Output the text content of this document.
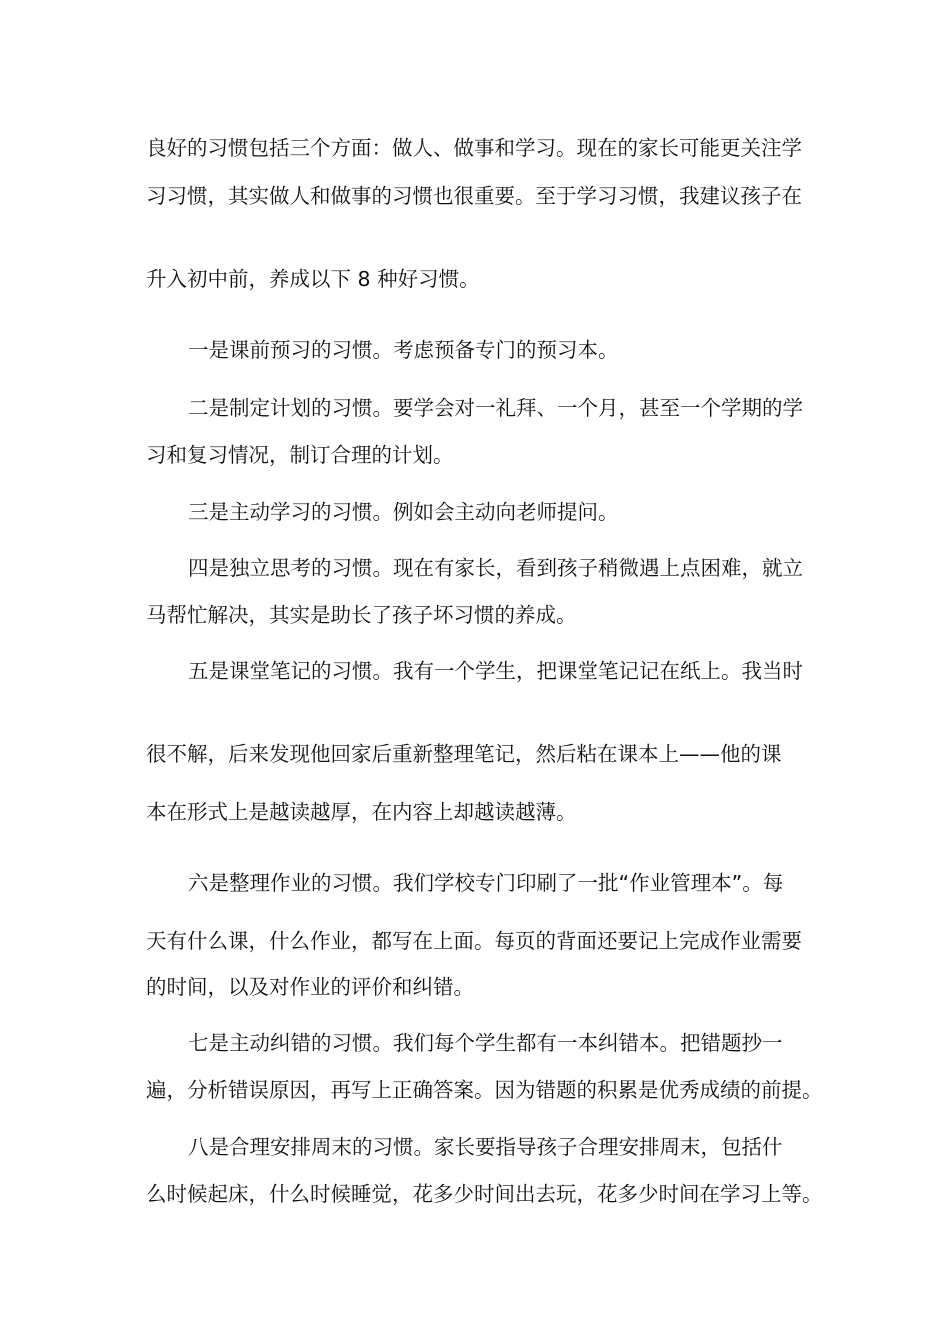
良好的习惯包括三个方面：做人、做事和学习。现在的家长可能更关注学
习习惯，其实做人和做事的习惯也很重要。至于学习习惯，我建议孩子在
升入初中前，养成以下 8 种好习惯。
一是课前预习的习惯。考虑预备专门的预习本。
二是制定计划的习惯。要学会对一礼拜、一个月，甚至一个学期的学
习和复习情况，制订合理的计划。
三是主动学习的习惯。例如会主动向老师提问。
四是独立思考的习惯。现在有家长，看到孩子稍微遇上点困难，就立
马帮忙解决，其实是助长了孩子坏习惯的养成。
五是课堂笔记的习惯。我有一个学生，把课堂笔记记在纸上。我当时
很不解，后来发现他回家后重新整理笔记，然后粘在课本上——他的课
本在形式上是越读越厚，在内容上却越读越薄。
六是整理作业的习惯。我们学校专门印刷了一批“作业管理本”。每
天有什么课，什么作业，都写在上面。每页的背面还要记上完成作业需要
的时间，以及对作业的评价和纠错。
七是主动纠错的习惯。我们每个学生都有一本纠错本。把错题抄一
遍，分析错误原因，再写上正确答案。因为错题的积累是优秀成绩的前提。
八是合理安排周末的习惯。家长要指导孩子合理安排周末，包括什
么时候起床，什么时候睡觉，花多少时间出去玩，花多少时间在学习上等。
